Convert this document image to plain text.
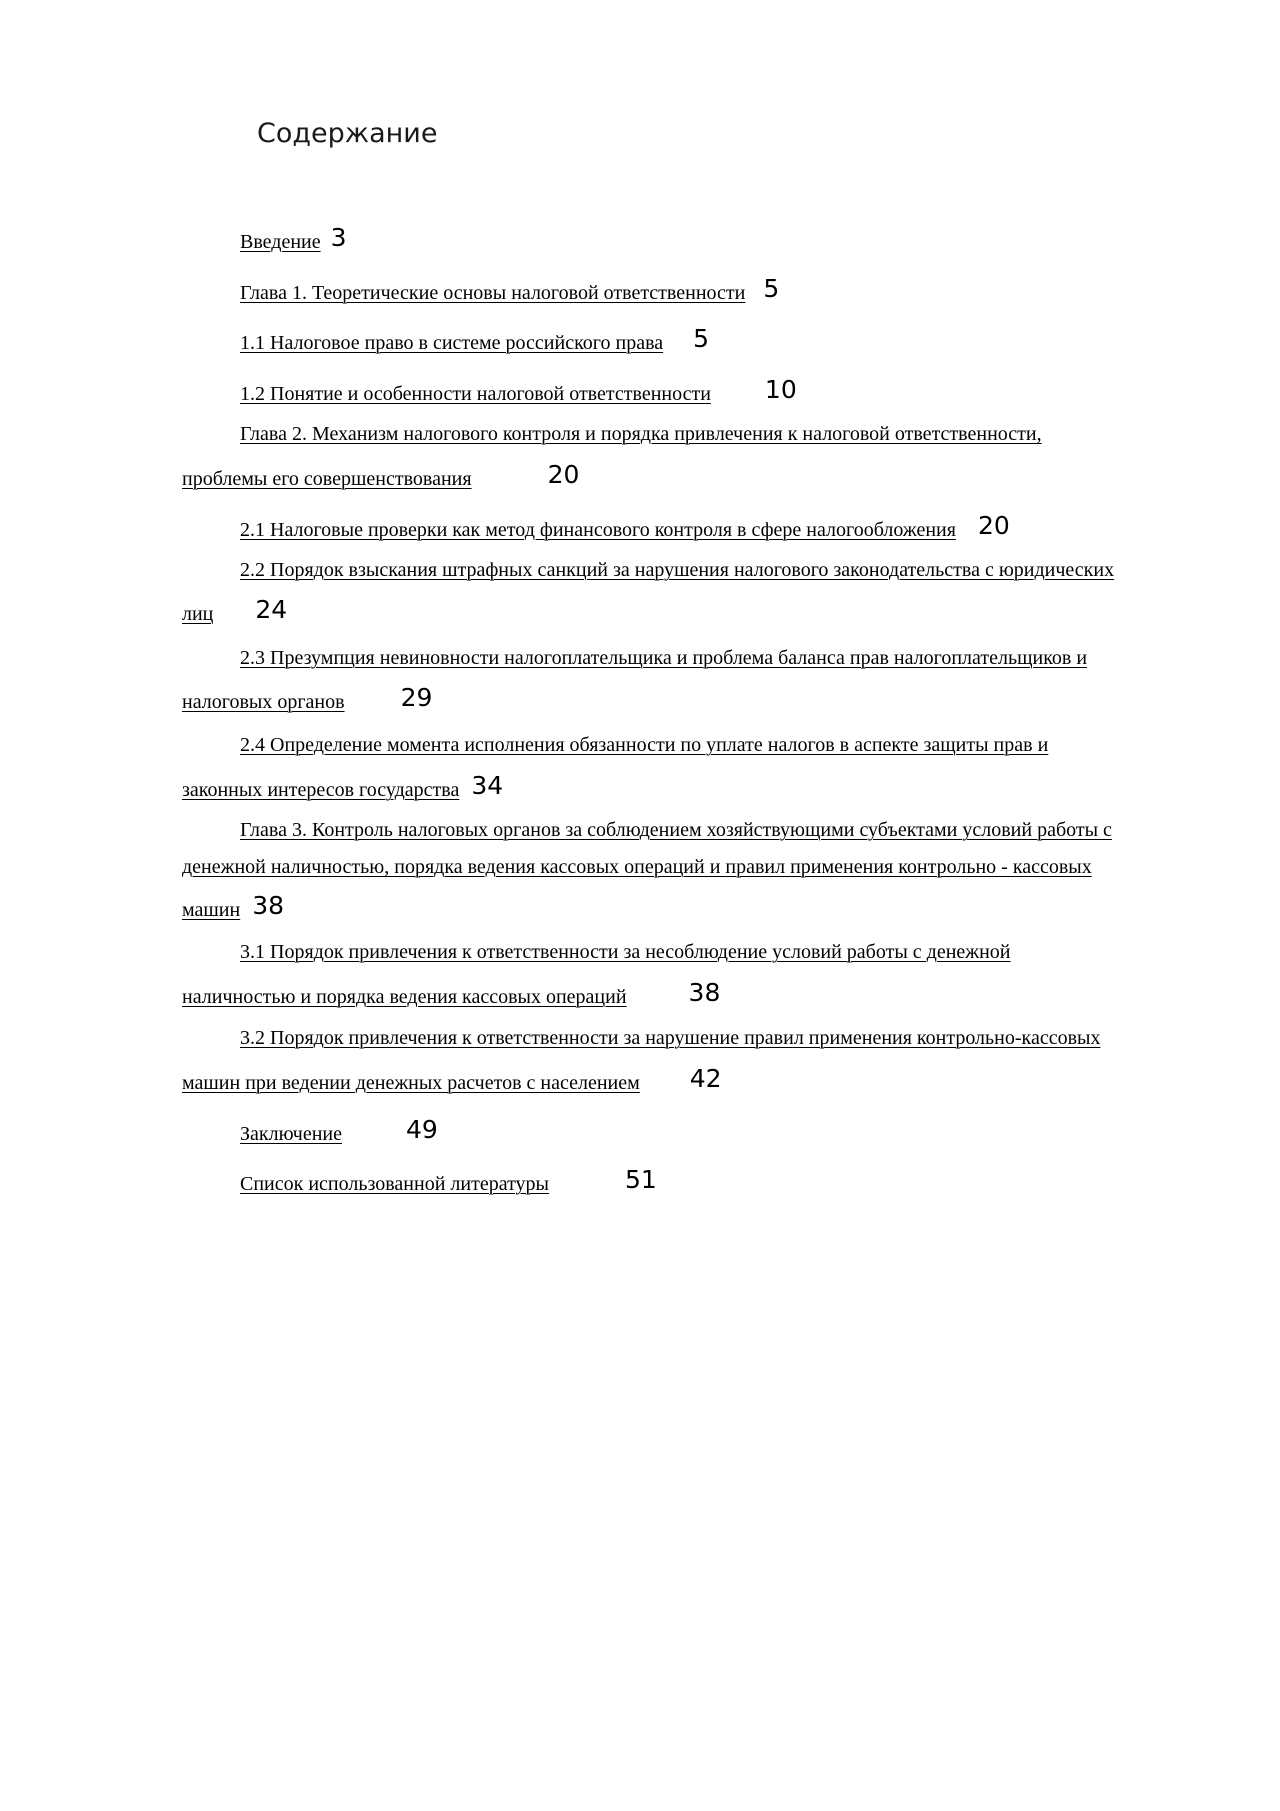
Содержание
Введение 3
Глава 1. Теоретические основы налоговой ответственности 5
1.1 Налоговое право в системе российского права 5
1.2 Понятие и особенности налоговой ответственности 10
Глава 2. Механизм налогового контроля и порядка привлечения к налоговой ответственности,
проблемы его совершенствования	20
2.1 Налоговые проверки как метод финансового контроля в сфере налогообложения 20
2.2 Порядок взыскания штрафных санкций за нарушения налогового законодательства с юридических
лиц 24
2.3 Презумпция невиновности налогоплательщика и проблема баланса прав налогоплательщиков и
налоговых органов 29
2.4 Определение момента исполнения обязанности по уплате налогов в аспекте защиты прав и
законных интересов государства 34
Глава 3. Контроль налоговых органов за соблюдением хозяйствующими субъектами условий работы с
денежной наличностью, порядка ведения кассовых операций и правил применения контрольно - кассовых
машин 38
3.1 Порядок привлечения к ответственности за несоблюдение условий работы с денежной
наличностью и порядка ведения кассовых операций 38
3.2 Порядок привлечения к ответственности за нарушение правил применения контрольно-кассовых
машин при ведении денежных расчетов с населением 42
Заключение	49
Список использованной литературы	51
